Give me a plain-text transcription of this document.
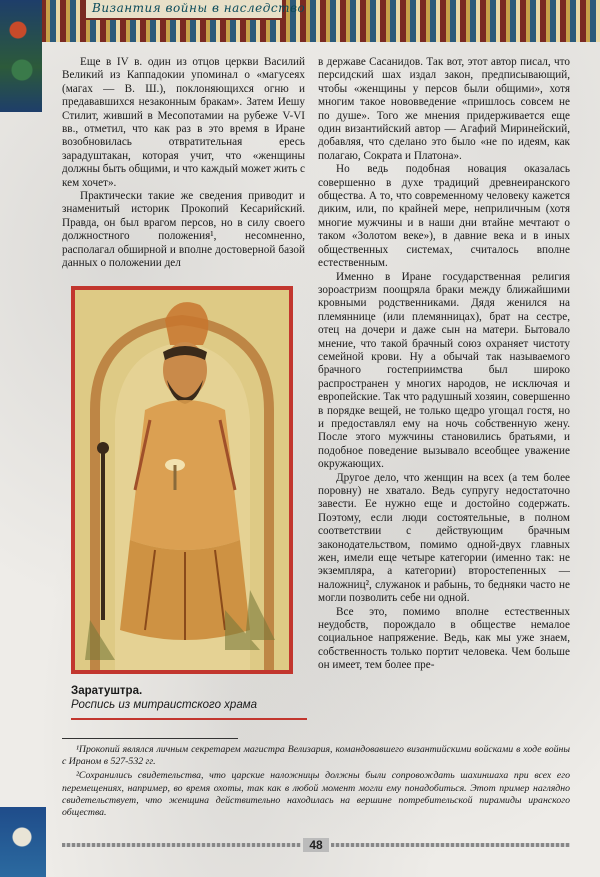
Византия войны в наследство

Еще в IV в. один из отцов церкви Василий Великий из Каппадокии упоминал о «магусеях (магах — В. Ш.), поклоняющихся огню и предававшихся незаконным бракам». Затем Иешу Стилит, живший в Месопотамии на рубеже V-VI вв., отметил, что как раз в это время в Иране возобновилась отвратительная ересь зарадуштакан, которая учит, что «женщины должны быть общими, и что каждый может жить с кем хочет».

Практически такие же сведения приводит и знаменитый историк Прокопий Кесарийский. Правда, он был врагом персов, но в силу своего должностного положения¹, несомненно, располагал обширной и вполне достоверной базой данных о положении дел

в державе Сасанидов. Так вот, этот автор писал, что персидский шах издал закон, предписывающий, чтобы «женщины у персов были общими», хотя многим такое нововведение «пришлось совсем не по душе». Того же мнения придерживается еще один византийский автор — Агафий Миринейский, добавляя, что сделано это было «не по идеям, как полагаю, Сократа и Платона».

Но ведь подобная новация оказалась совершенно в духе традиций древнеиранского общества. А то, что современному человеку кажется диким, или, по крайней мере, неприличным (хотя многие мужчины и в наши дни втайне мечтают о таком «Золотом веке»), в давние века и в иных общественных системах, считалось вполне естественным.

Именно в Иране государственная религия зороастризм поощряла браки между ближайшими кровными родственниками. Дядя женился на племяннице (или племянницах), брат на сестре, отец на дочери и даже сын на матери. Бытовало мнение, что такой брачный союз охраняет чистоту семейной крови. Ну а обычай так называемого брачного гостеприимства был широко распространен у многих народов, не исключая и европейские. Так что радушный хозяин, совершенно в порядке вещей, не только щедро угощал гостя, но и предоставлял ему на ночь собственную жену. После этого мужчины становились братьями, и подобное поведение вызывало всеобщее уважение окружающих.

Другое дело, что женщин на всех (а тем более поровну) не хватало. Ведь супругу недостаточно завести. Ее нужно еще и достойно содержать. Поэтому, если люди состоятельные, в полном соответствии с действующим брачным законодательством, помимо одной-двух главных жен, имели еще четыре категории (именно так: не экземпляра, а категории) второстепенных — наложниц², служанок и рабынь, то бедняки часто не могли позволить себе ни одной.

Все это, помимо вполне естественных неудобств, порождало в обществе немалое социальное напряжение. Ведь, как мы уже знаем, собственность только портит человека. Чем больше он имеет, тем более пре-

Заратуштра.
Роспись из митраистского храма

¹Прокопий являлся личным секретарем магистра Велизария, командовавшего византийскими войсками в ходе войны с Ираном в 527-532 гг.

²Сохранились свидетельства, что царские наложницы должны были сопровождать шахиншаха при всех его перемещениях, например, во время охоты, так как в любой момент могли ему понадобиться. Этот пример наглядно свидетельствует, что женщина действительно находилась на вершине потребительской пирамиды иранского общества.

48
